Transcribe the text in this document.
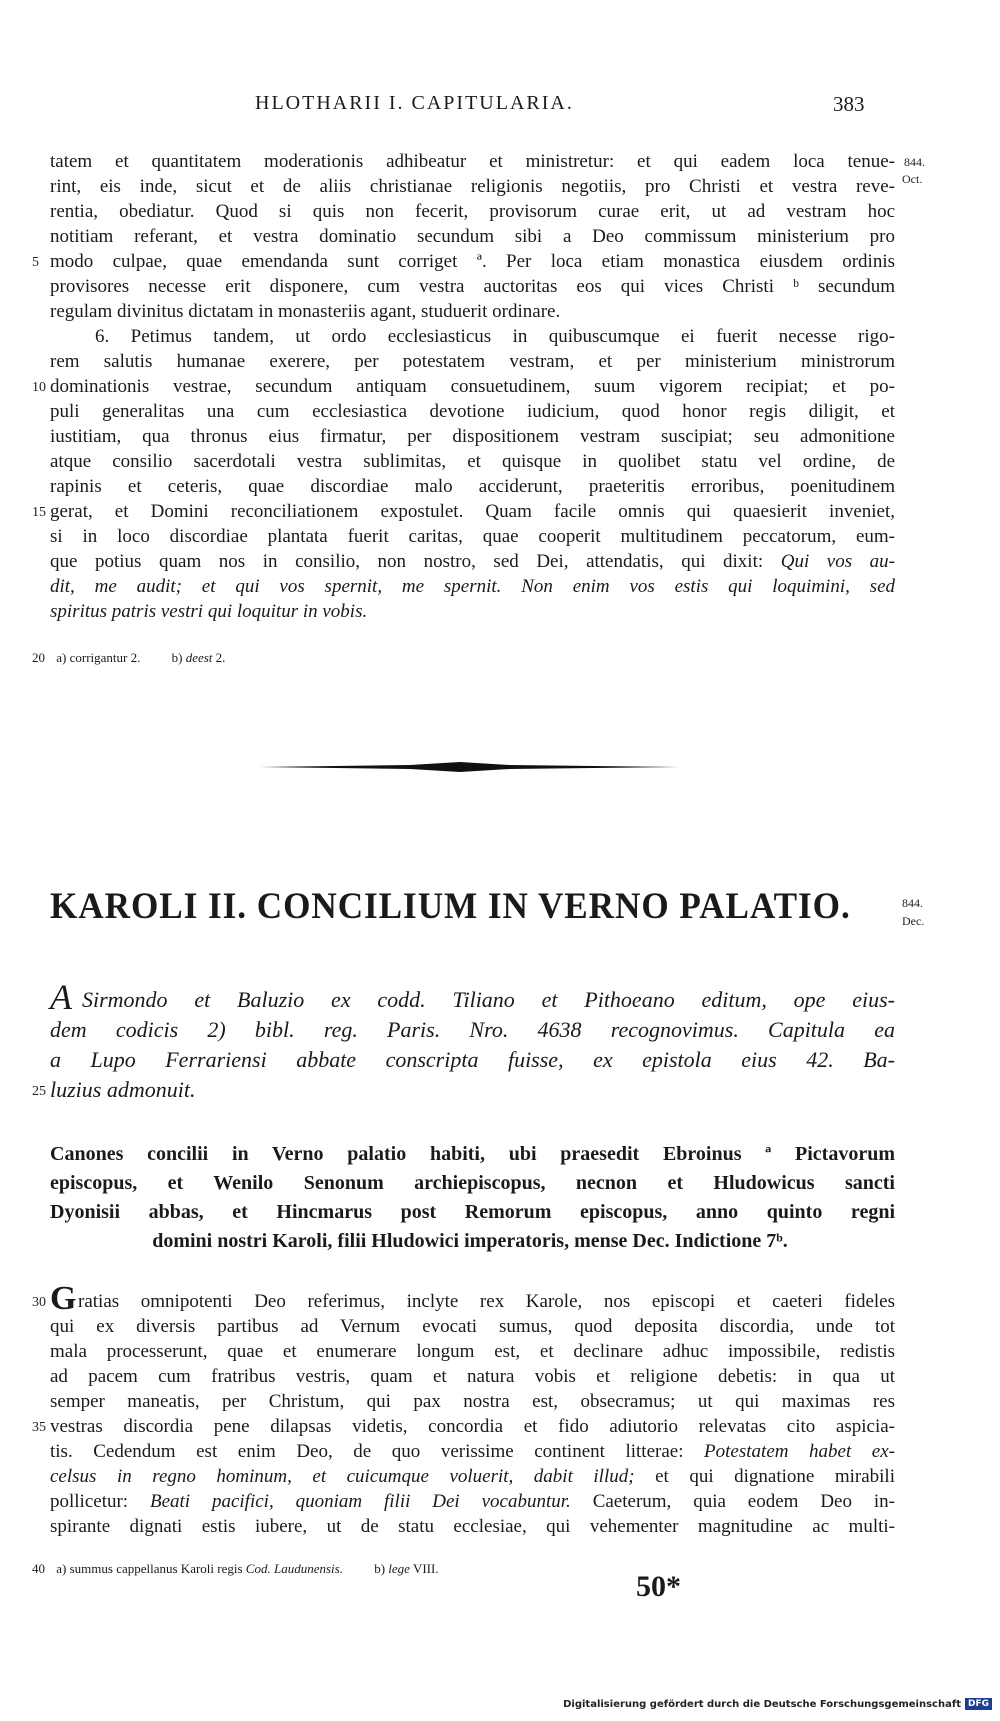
HLOTHARII I. CAPITULARIA.	383
844.
Oct.
tatem et quantitatem moderationis adhibeatur et ministretur: et qui eadem loca tenue-
rint, eis inde, sicut et de aliis christianae religionis negotiis, pro Christi et vestra reve-
rentia, obediatur. Quod si quis non fecerit, provisorum curae erit, ut ad vestram hoc
notitiam referant, et vestra dominatio secundum sibi a Deo commissum ministerium pro
modo culpae, quae emendanda sunt corriget ª. Per loca etiam monastica eiusdem ordinis
provisores necesse erit disponere, cum vestra auctoritas eos qui vices Christi ᵇ secundum
regulam divinitus dictatam in monasteriis agant, studuerit ordinare.
6. Petimus tandem, ut ordo ecclesiasticus in quibuscumque ei fuerit necesse rigo-
rem salutis humanae exerere, per potestatem vestram, et per ministerium ministrorum
dominationis vestrae, secundum antiquam consuetudinem, suum vigorem recipiat; et po-
puli generalitas una cum ecclesiastica devotione iudicium, quod honor regis diligit, et
iustitiam, qua thronus eius firmatur, per dispositionem vestram suscipiat; seu admonitione
atque consilio sacerdotali vestra sublimitas, et quisque in quolibet statu vel ordine, de
rapinis et ceteris, quae discordiae malo acciderunt, praeteritis erroribus, poenitudinem
gerat, et Domini reconciliationem expostulet. Quam facile omnis qui quaesierit inveniet,
si in loco discordiae plantata fuerit caritas, quae cooperit multitudinem peccatorum, eum-
que potius quam nos in consilio, non nostro, sed Dei, attendatis, qui dixit: Qui vos au-
dit, me audit; et qui vos spernit, me spernit. Non enim vos estis qui loquimini, sed
spiritus patris vestri qui loquitur in vobis.
5
10
15
20 a) corrigantur 2. b) deest 2.
KAROLI II. CONCILIUM IN VERNO PALATIO.	844.
Dec.
A Sirmondo et Baluzio ex codd. Tiliano et Pithoeano editum, ope eius-
dem codicis 2) bibl. reg. Paris. Nro. 4638 recognovimus. Capitula ea
a Lupo Ferrariensi abbate conscripta fuisse, ex epistola eius 42. Ba-
luzius admonuit.
25
Canones concilii in Verno palatio habiti, ubi praesedit Ebroinus ª Pictavorum
episcopus, et Wenilo Senonum archiepiscopus, necnon et Hludowicus sancti
Dyonisii abbas, et Hincmarus post Remorum episcopus, anno quinto regni
domini nostri Karoli, filii Hludowici imperatoris, mense Dec. Indictione 7ᵇ.
G ratias omnipotenti Deo referimus, inclyte rex Karole, nos episcopi et caeteri fideles
qui ex diversis partibus ad Vernum evocati sumus, quod deposita discordia, unde tot
mala processerunt, quae et enumerare longum est, et declinare adhuc impossibile, redistis
ad pacem cum fratribus vestris, quam et natura vobis et religione debetis: in qua ut
semper maneatis, per Christum, qui pax nostra est, obsecramus; ut qui maximas res
vestras discordia pene dilapsas videtis, concordia et fido adiutorio relevatas cito aspicia-
tis. Cedendum est enim Deo, de quo verissime continent litterae: Potestatem habet ex-
celsus in regno hominum, et cuicumque voluerit, dabit illud; et qui dignatione mirabili
pollicetur: Beati pacifici, quoniam filii Dei vocabuntur. Caeterum, quia eodem Deo in-
spirante dignati estis iubere, ut de statu ecclesiae, qui vehementer magnitudine ac multi-
30
35
40 a) summus cappellanus Karoli regis Cod. Laudunensis. b) lege VIII.
50*
Digitalisierung gefördert durch die Deutsche Forschungsgemeinschaft DFG
